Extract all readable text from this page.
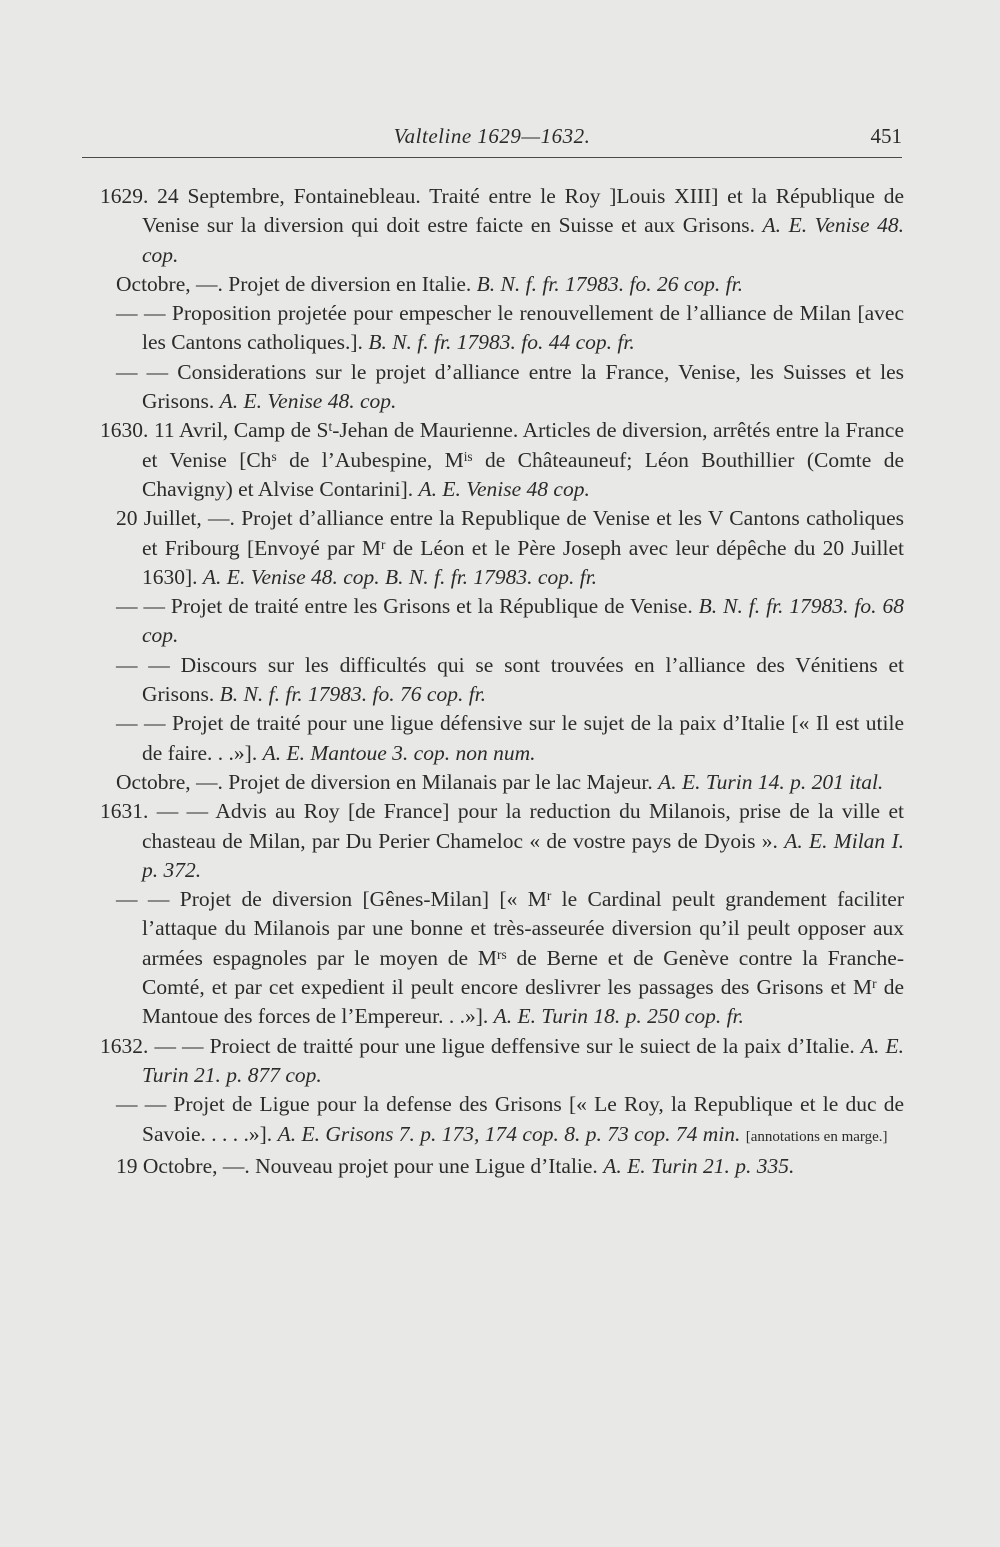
Valteline 1629—1632.	451

1629. 24 Septembre, Fontainebleau. Traité entre le Roy ]Louis XIII] et la République de Venise sur la diversion qui doit estre faicte en Suisse et aux Grisons. A. E. Venise 48. cop.

Octobre, —. Projet de diversion en Italie. B. N. f. fr. 17983. fo. 26 cop. fr.

— — Proposition projetée pour empescher le renouvellement de l’alliance de Milan [avec les Cantons catholiques.]. B. N. f. fr. 17983. fo. 44 cop. fr.

— — Considerations sur le projet d’alliance entre la France, Venise, les Suisses et les Grisons. A. E. Venise 48. cop.

1630. 11 Avril, Camp de $S^t$-Jehan de Maurienne. Articles de diversion, arrêtés entre la France et Venise [Ch$^s$ de l’Aubespine, $M^{is}$ de Châteauneuf; Léon Bouthillier (Comte de Chavigny) et Alvise Contarini]. A. E. Venise 48 cop.

20 Juillet, —. Projet d’alliance entre la Republique de Venise et les V Cantons catholiques et Fribourg [Envoyé par $M^r$ de Léon et le Père Joseph avec leur dépêche du 20 Juillet 1630]. A. E. Venise 48. cop. B. N. f. fr. 17983. cop. fr.

— — Projet de traité entre les Grisons et la République de Venise. B. N. f. fr. 17983. fo. 68 cop.

— — Discours sur les difficultés qui se sont trouvées en l’alliance des Vénitiens et Grisons. B. N. f. fr. 17983. fo. 76 cop. fr.

— — Projet de traité pour une ligue défensive sur le sujet de la paix d’Italie [« Il est utile de faire. . .»]. A. E. Mantoue 3. cop. non num.

Octobre, —. Projet de diversion en Milanais par le lac Majeur. A. E. Turin 14. p. 201 ital.

1631. — — Advis au Roy [de France] pour la reduction du Milanois, prise de la ville et chasteau de Milan, par Du Perier Chameloc « de vostre pays de Dyois ». A. E. Milan I. p. 372.

— — Projet de diversion [Gênes-Milan] [« $M^r$ le Cardinal peult grandement faciliter l’attaque du Milanois par une bonne et très-asseurée diversion qu’il peult opposer aux armées espagnoles par le moyen de $M^{rs}$ de Berne et de Genève contre la Franche-Comté, et par cet expedient il peult encore deslivrer les passages des Grisons et $M^r$ de Mantoue des forces de l’Empereur. . .»]. A. E. Turin 18. p. 250 cop. fr.

1632. — — Proiect de traitté pour une ligue deffensive sur le suiect de la paix d’Italie. A. E. Turin 21. p. 877 cop.

— — Projet de Ligue pour la defense des Grisons [« Le Roy, la Republique et le duc de Savoie. . . . .»]. A. E. Grisons 7. p. 173, 174 cop. 8. p. 73 cop. 74 min. [annotations en marge.]

19 Octobre, —. Nouveau projet pour une Ligue d’Italie. A. E. Turin 21. p. 335.
